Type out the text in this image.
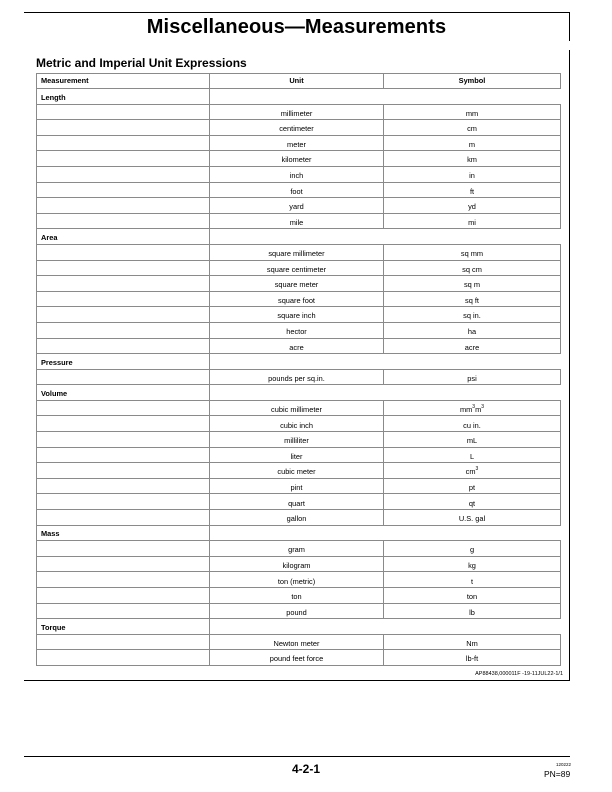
Miscellaneous—Measurements
Metric and Imperial Unit Expressions
Measurement	Unit	Symbol
Length		
	millimeter	mm
	centimeter	cm
	meter	m
	kilometer	km
	inch	in
	foot	ft
	yard	yd
	mile	mi
Area		
	square millimeter	sq mm
	square centimeter	sq cm
	square meter	sq m
	square foot	sq ft
	square inch	sq in.
	hector	ha
	acre	acre
Pressure		
	pounds per sq.in.	psi
Volume		
	cubic millimeter	$mm^3m^3$
	cubic inch	cu in.
	milliliter	mL
	liter	L
	cubic meter	$cm^3$
	pint	pt
	quart	qt
	gallon	U.S. gal
Mass		
	gram	g
	kilogram	kg
	ton (metric)	t
	ton	ton
	pound	lb
Torque		
	Newton meter	Nm
	pound feet force	lb-ft
AP88438,000011F -19-11JUL22-1/1
4-2-1	120222
PN=89
